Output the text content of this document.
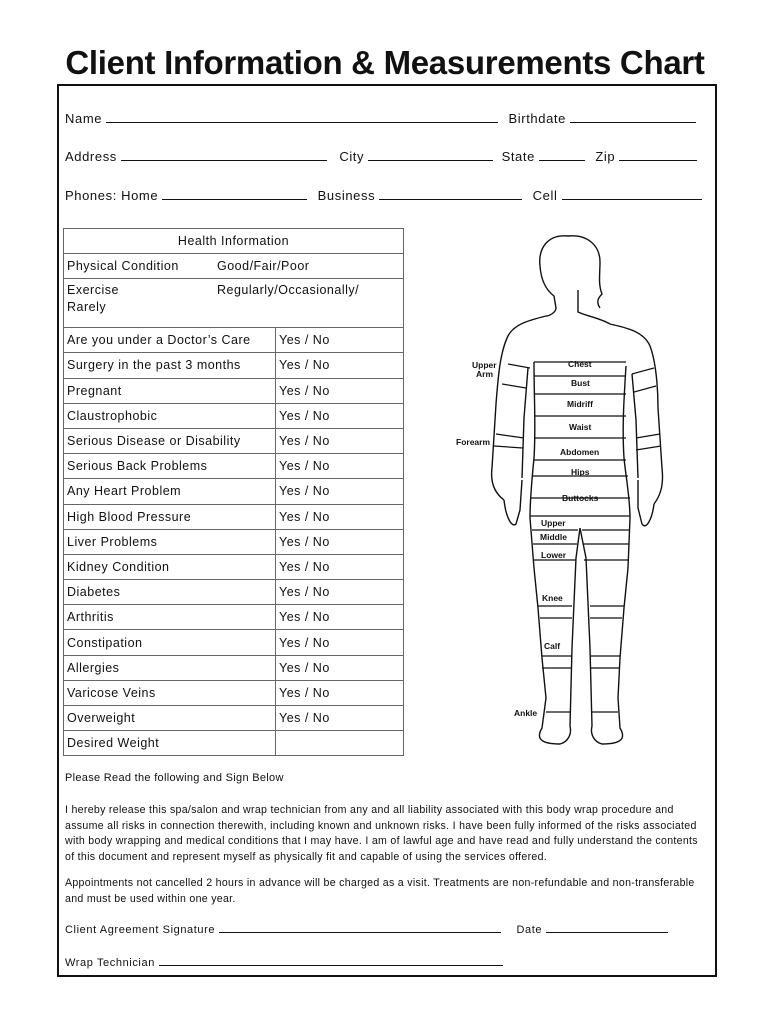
Client Information & Measurements Chart
Name	Birthdate
Address	City	State	Zip
Phones: Home	Business	Cell
Health Information	
Physical Condition Good/Fair/Poor	

Exercise Regularly/Occasionally/
Rarely	

Are you under a Doctor’s Care	Yes / No
Surgery in the past 3 months	Yes / No
Pregnant	Yes / No
Claustrophobic	Yes / No
Serious Disease or Disability	Yes / No
Serious Back Problems	Yes / No
Any Heart Problem	Yes / No
High Blood Pressure	Yes / No
Liver Problems	Yes / No
Kidney Condition	Yes / No
Diabetes	Yes / No
Arthritis	Yes / No
Constipation	Yes / No
Allergies	Yes / No
Varicose Veins	Yes / No
Overweight	Yes / No
Desired Weight	
Upper
Arm
Forearm
Chest
Bust
Midriff
Waist
Abdomen
Hips
Buttocks
Upper
Middle
Lower
Knee
Calf
Ankle
Please Read the following and Sign Below
I hereby release this spa/salon and wrap technician from any and all liability associated with this body wrap procedure and assume all risks in connection therewith, including known and unknown risks. I have been fully informed of the risks associated with body wrapping and medical conditions that I may have. I am of lawful age and have read and fully understand the contents of this document and represent myself as physically fit and capable of using the services offered.
Appointments not cancelled 2 hours in advance will be charged as a visit. Treatments are non-refundable and non-transferable and must be used within one year.
Client Agreement Signature	Date
Wrap Technician
